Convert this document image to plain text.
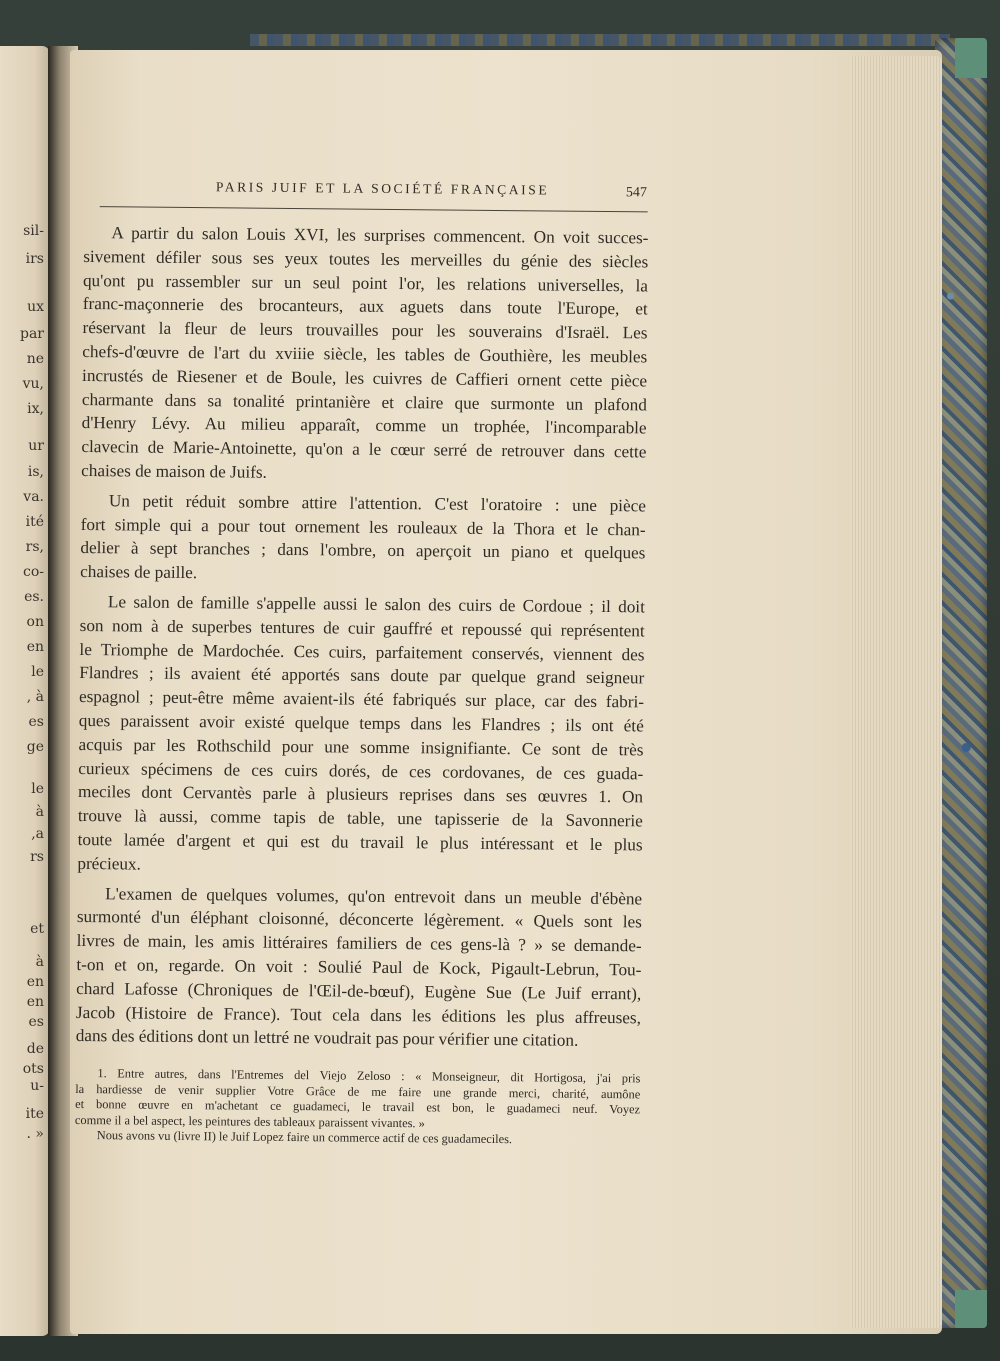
sil-
irs
ux
par
ne
vu,
ix,
ur
is,
va.
ité
rs,
co-
es.
on
en
le
, à
es
ge
le
à
,a
rs
et
à
en
en
es
de
ots
u-
ite
. »
PARIS JUIF ET LA SOCIÉTÉ FRANÇAISE	547
A partir du salon Louis XVI, les surprises commencent. On voit succes-
sivement défiler sous ses yeux toutes les merveilles du génie des siècles
qu'ont pu rassembler sur un seul point l'or, les relations universelles, la
franc-maçonnerie des brocanteurs, aux aguets dans toute l'Europe, et
réservant la fleur de leurs trouvailles pour les souverains d'Israël. Les
chefs-d'œuvre de l'art du xviiie siècle, les tables de Gouthière, les meubles
incrustés de Riesener et de Boule, les cuivres de Caffieri ornent cette pièce
charmante dans sa tonalité printanière et claire que surmonte un plafond
d'Henry Lévy. Au milieu apparaît, comme un trophée, l'incomparable
clavecin de Marie-Antoinette, qu'on a le cœur serré de retrouver dans cette
chaises de maison de Juifs.
Un petit réduit sombre attire l'attention. C'est l'oratoire : une pièce
fort simple qui a pour tout ornement les rouleaux de la Thora et le chan-
delier à sept branches ; dans l'ombre, on aperçoit un piano et quelques
chaises de paille.
Le salon de famille s'appelle aussi le salon des cuirs de Cordoue ; il doit
son nom à de superbes tentures de cuir gauffré et repoussé qui représentent
le Triomphe de Mardochée. Ces cuirs, parfaitement conservés, viennent des
Flandres ; ils avaient été apportés sans doute par quelque grand seigneur
espagnol ; peut-être même avaient-ils été fabriqués sur place, car des fabri-
ques paraissent avoir existé quelque temps dans les Flandres ; ils ont été
acquis par les Rothschild pour une somme insignifiante. Ce sont de très
curieux spécimens de ces cuirs dorés, de ces cordovanes, de ces guada-
meciles dont Cervantès parle à plusieurs reprises dans ses œuvres 1. On
trouve là aussi, comme tapis de table, une tapisserie de la Savonnerie
toute lamée d'argent et qui est du travail le plus intéressant et le plus
précieux.
L'examen de quelques volumes, qu'on entrevoit dans un meuble d'ébène
surmonté d'un éléphant cloisonné, déconcerte légèrement. « Quels sont les
livres de main, les amis littéraires familiers de ces gens-là ? » se demande-
t-on et on, regarde. On voit : Soulié Paul de Kock, Pigault-Lebrun, Tou-
chard Lafosse (Chroniques de l'Œil-de-bœuf), Eugène Sue (Le Juif errant),
Jacob (Histoire de France). Tout cela dans les éditions les plus affreuses,
dans des éditions dont un lettré ne voudrait pas pour vérifier une citation.
1. Entre autres, dans l'Entremes del Viejo Zeloso : « Monseigneur, dit Hortigosa, j'ai pris
la hardiesse de venir supplier Votre Grâce de me faire une grande merci, charité, aumône
et bonne œuvre en m'achetant ce guadameci, le travail est bon, le guadameci neuf. Voyez
comme il a bel aspect, les peintures des tableaux paraissent vivantes. »
Nous avons vu (livre II) le Juif Lopez faire un commerce actif de ces guadameciles.
